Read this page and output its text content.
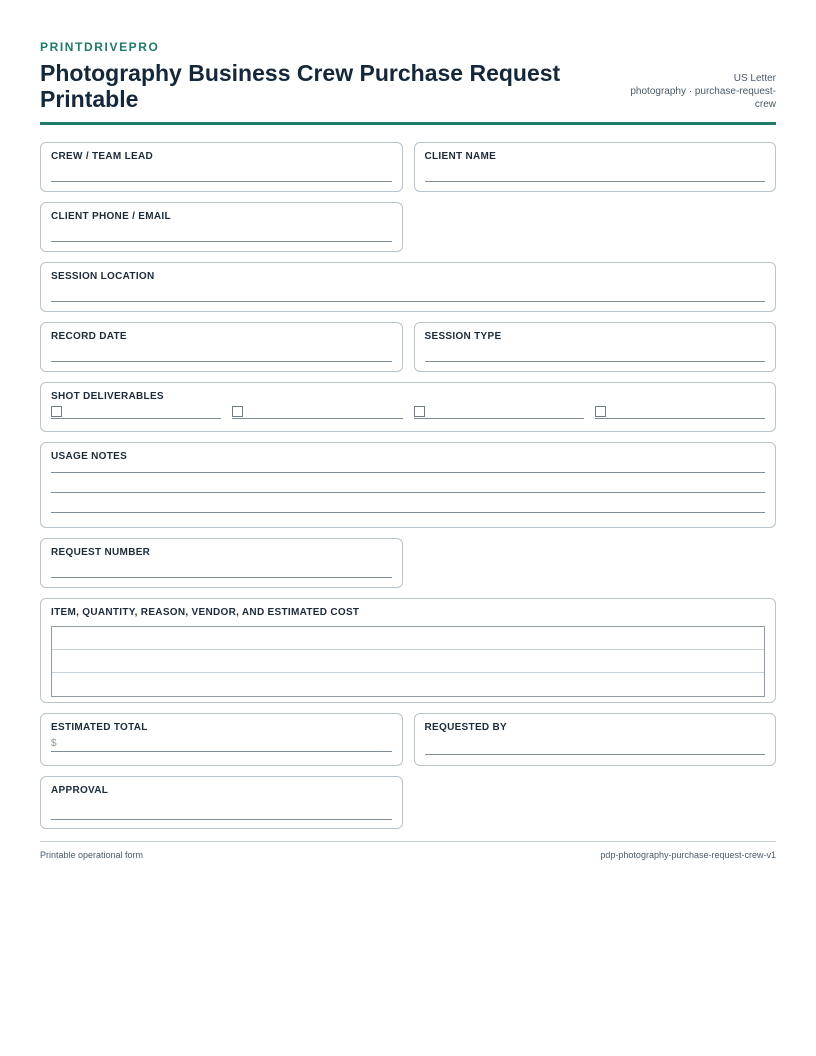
PRINTDRIVEPRO
Photography Business Crew Purchase Request Printable
US Letter
photography · purchase-request-crew
CREW / TEAM LEAD	CLIENT NAME
CLIENT PHONE / EMAIL
SESSION LOCATION
RECORD DATE	SESSION TYPE
SHOT DELIVERABLES
USAGE NOTES
REQUEST NUMBER
ITEM, QUANTITY, REASON, VENDOR, AND ESTIMATED COST
ESTIMATED TOTAL
$
REQUESTED BY
APPROVAL
Printable operational form	pdp-photography-purchase-request-crew-v1
